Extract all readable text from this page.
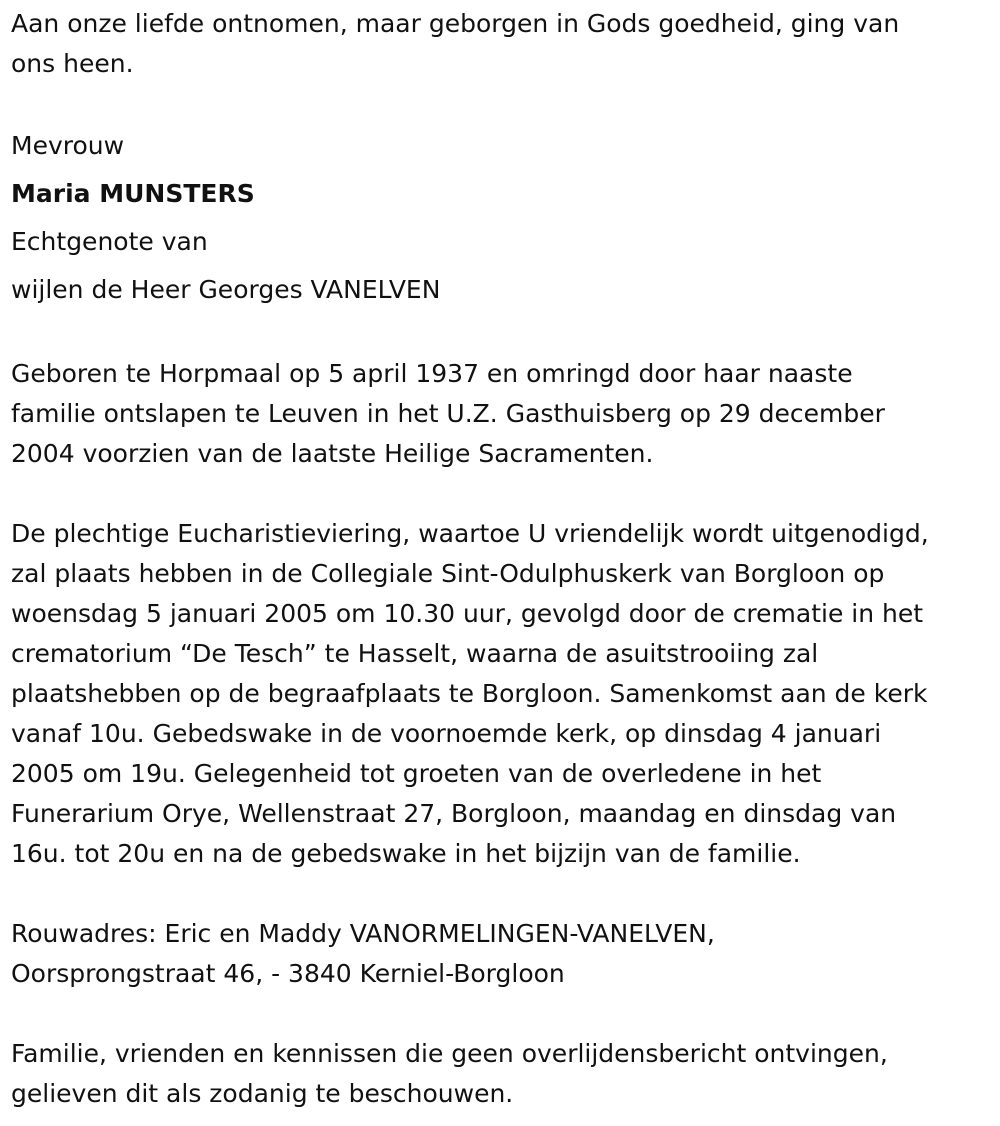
Aan onze liefde ontnomen, maar geborgen in Gods goedheid, ging van
ons heen.
Mevrouw
Maria MUNSTERS
Echtgenote van
wijlen de Heer Georges VANELVEN
Geboren te Horpmaal op 5 april 1937 en omringd door haar naaste
familie ontslapen te Leuven in het U.Z. Gasthuisberg op 29 december
2004 voorzien van de laatste Heilige Sacramenten.
De plechtige Eucharistieviering, waartoe U vriendelijk wordt uitgenodigd,
zal plaats hebben in de Collegiale Sint-Odulphuskerk van Borgloon op
woensdag 5 januari 2005 om 10.30 uur, gevolgd door de crematie in het
crematorium “De Tesch” te Hasselt, waarna de asuitstrooiing zal
plaatshebben op de begraafplaats te Borgloon. Samenkomst aan de kerk
vanaf 10u. Gebedswake in de voornoemde kerk, op dinsdag 4 januari
2005 om 19u. Gelegenheid tot groeten van de overledene in het
Funerarium Orye, Wellenstraat 27, Borgloon, maandag en dinsdag van
16u. tot 20u en na de gebedswake in het bijzijn van de familie.
Rouwadres: Eric en Maddy VANORMELINGEN-VANELVEN,
Oorsprongstraat 46, - 3840 Kerniel-Borgloon
Familie, vrienden en kennissen die geen overlijdensbericht ontvingen,
gelieven dit als zodanig te beschouwen.
